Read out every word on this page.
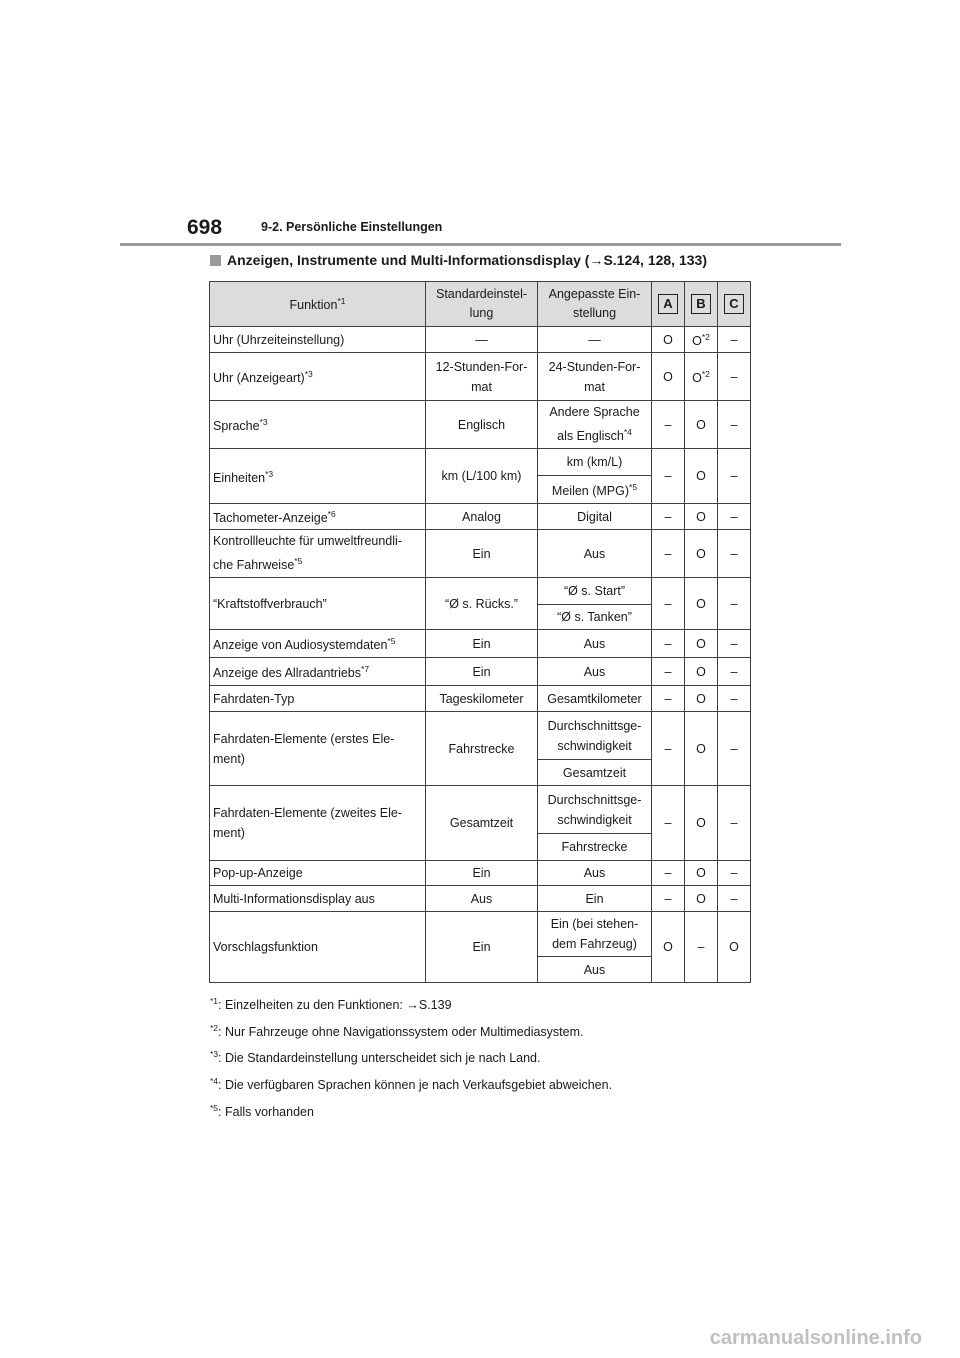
698	9-2. Persönliche Einstellungen
Anzeigen, Instrumente und Multi-Informationsdisplay (→S.124, 128, 133)
Funktion$^{*1}$	Standardeinstel-lung	Angepasste Ein-stellung	A	B	C
Uhr (Uhrzeiteinstellung)	—	—	O	$O^{*2}$	–
Uhr (Anzeigeart)$^{*3}$	12-Stunden-For-mat	24-Stunden-For-mat	O	$O^{*2}$	–
Sprache$^{*3}$	Englisch	Andere Sprache als Englisch$^{*4}$	–	O	–
Einheiten$^{*3}$	km (L/100 km)	km (km/L)	–	O	–
		Meilen (MPG)$^{*5}$
Tachometer-Anzeige$^{*6}$	Analog	Digital	–	O	–
Kontrollleuchte für umweltfreundli-che Fahrweise$^{*5}$	Ein	Aus	–	O	–
“Kraftstoffverbrauch”	“Ø s. Rücks.”	“Ø s. Start”	–	O	–
		“Ø s. Tanken”			
Anzeige von Audiosystemdaten$^{*5}$	Ein	Aus	–	O	–
Anzeige des Allradantriebs$^{*7}$	Ein	Aus	–	O	–
Fahrdaten-Typ	Tageskilometer	Gesamtkilometer	–	O	–
Fahrdaten-Elemente (erstes Ele-ment)	Fahrstrecke	Durchschnittsge-schwindigkeit	–	O	–
		Gesamtzeit			
Fahrdaten-Elemente (zweites Ele-ment)	Gesamtzeit	Durchschnittsge-schwindigkeit	–	O	–
		Fahrstrecke			
Pop-up-Anzeige	Ein	Aus	–	O	–
Multi-Informationsdisplay aus	Aus	Ein	–	O	–
Vorschlagsfunktion	Ein	Ein (bei stehen-dem Fahrzeug)	O	–	O
		Aus			
$^{*1}$: Einzelheiten zu den Funktionen: →S.139
$^{*2}$: Nur Fahrzeuge ohne Navigationssystem oder Multimediasystem.
$^{*3}$: Die Standardeinstellung unterscheidet sich je nach Land.
$^{*4}$: Die verfügbaren Sprachen können je nach Verkaufsgebiet abweichen.
$^{*5}$: Falls vorhanden
carmanualsonline.info
